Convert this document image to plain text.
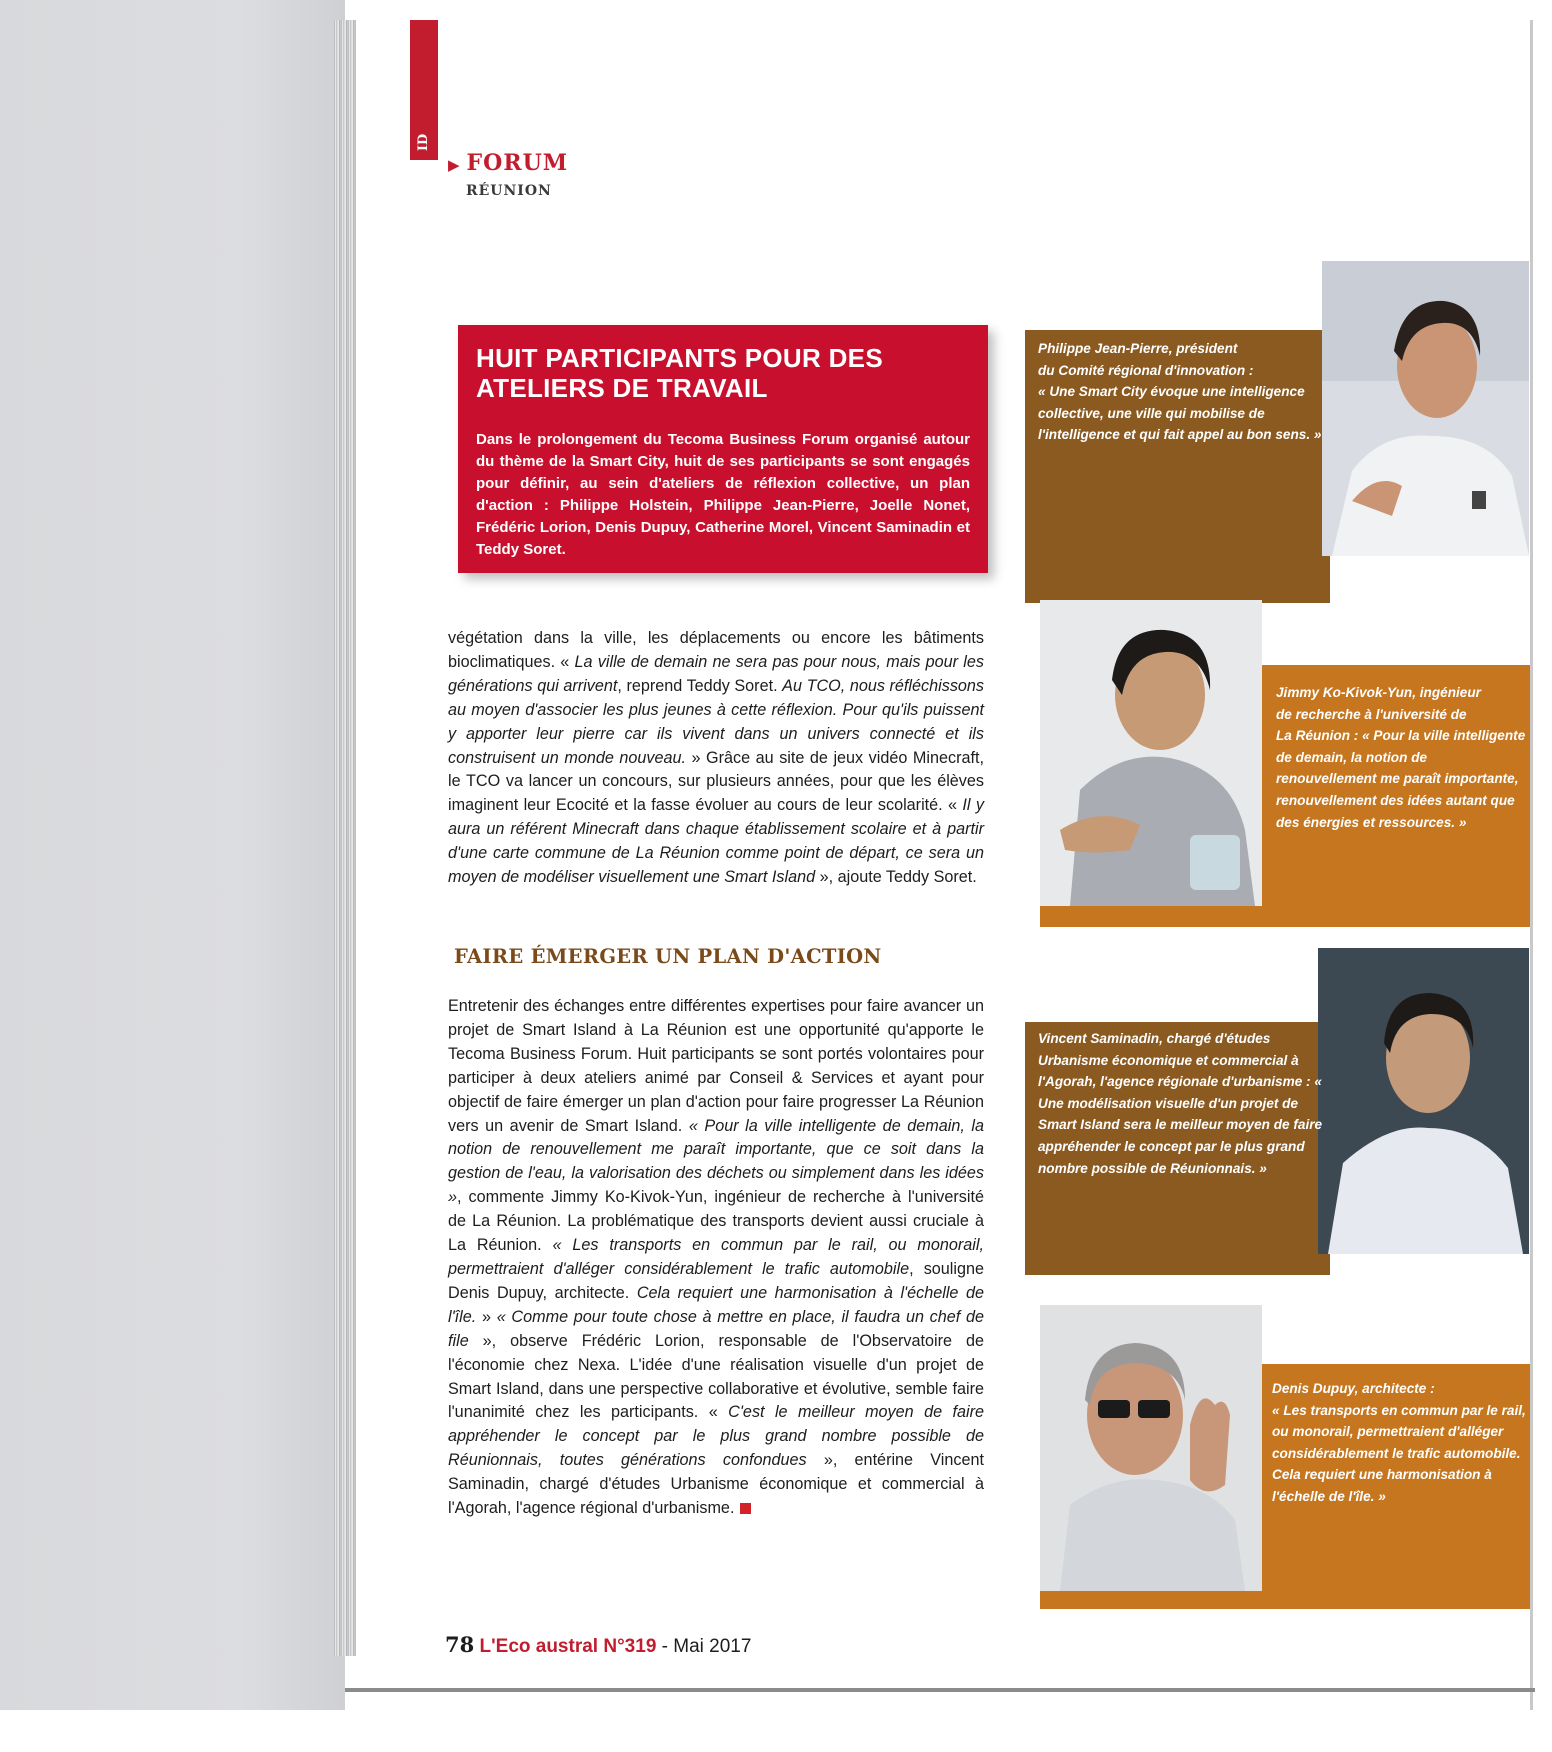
ID
▶ FORUM
RÉUNION
HUIT PARTICIPANTS POUR DES ATELIERS DE TRAVAIL

Dans le prolongement du Tecoma Business Forum organisé autour du thème de la Smart City, huit de ses participants se sont engagés pour définir, au sein d'ateliers de réflexion collective, un plan d'action : Philippe Holstein, Philippe Jean-Pierre, Joelle Nonet, Frédéric Lorion, Denis Dupuy, Catherine Morel, Vincent Saminadin et Teddy Soret.

végétation dans la ville, les déplacements ou encore les bâtiments bioclimatiques. « La ville de demain ne sera pas pour nous, mais pour les générations qui arrivent, reprend Teddy Soret. Au TCO, nous réfléchissons au moyen d'associer les plus jeunes à cette réflexion. Pour qu'ils puissent y apporter leur pierre car ils vivent dans un univers connecté et ils construisent un monde nouveau. » Grâce au site de jeux vidéo Minecraft, le TCO va lancer un concours, sur plusieurs années, pour que les élèves imaginent leur Ecocité et la fasse évoluer au cours de leur scolarité. « Il y aura un référent Minecraft dans chaque établissement scolaire et à partir d'une carte commune de La Réunion comme point de départ, ce sera un moyen de modéliser visuellement une Smart Island », ajoute Teddy Soret.
FAIRE ÉMERGER UN PLAN D'ACTION
Entretenir des échanges entre différentes expertises pour faire avancer un projet de Smart Island à La Réunion est une opportunité qu'apporte le Tecoma Business Forum. Huit participants se sont portés volontaires pour participer à deux ateliers animé par Conseil & Services et ayant pour objectif de faire émerger un plan d'action pour faire progresser La Réunion vers un avenir de Smart Island. « Pour la ville intelligente de demain, la notion de renouvellement me paraît importante, que ce soit dans la gestion de l'eau, la valorisation des déchets ou simplement dans les idées », commente Jimmy Ko-Kivok-Yun, ingénieur de recherche à l'université de La Réunion. La problématique des transports devient aussi cruciale à La Réunion. « Les transports en commun par le rail, ou monorail, permettraient d'alléger considérablement le trafic automobile, souligne Denis Dupuy, architecte. Cela requiert une harmonisation à l'échelle de l'île. » « Comme pour toute chose à mettre en place, il faudra un chef de file », observe Frédéric Lorion, responsable de l'Observatoire de l'économie chez Nexa. L'idée d'une réalisation visuelle d'un projet de Smart Island, dans une perspective collaborative et évolutive, semble faire l'unanimité chez les participants. « C'est le meilleur moyen de faire appréhender le concept par le plus grand nombre possible de Réunionnais, toutes générations confondues », entérine Vincent Saminadin, chargé d'études Urbanisme économique et commercial à l'Agorah, l'agence régional d'urbanisme.
78 L'Eco austral N°319 - Mai 2017
Philippe Jean-Pierre, président
du Comité régional d'innovation :
« Une Smart City évoque une intelligence collective, une ville qui mobilise de l'intelligence et qui fait appel au bon sens. »
Jimmy Ko-Kivok-Yun, ingénieur
de recherche à l'université de
La Réunion : « Pour la ville intelligente de demain, la notion de renouvellement me paraît importante, renouvellement des idées autant que des énergies et ressources. »
Vincent Saminadin, chargé d'études
Urbanisme économique et commercial à
l'Agorah, l'agence régionale d'urbanisme : « Une modélisation visuelle d'un projet de Smart Island sera le meilleur moyen de faire appréhender le concept par le plus grand nombre possible de Réunionnais. »
Denis Dupuy, architecte :
« Les transports en commun par le rail, ou monorail, permettraient d'alléger considérablement le trafic automobile. Cela requiert une harmonisation à l'échelle de l'île. »
